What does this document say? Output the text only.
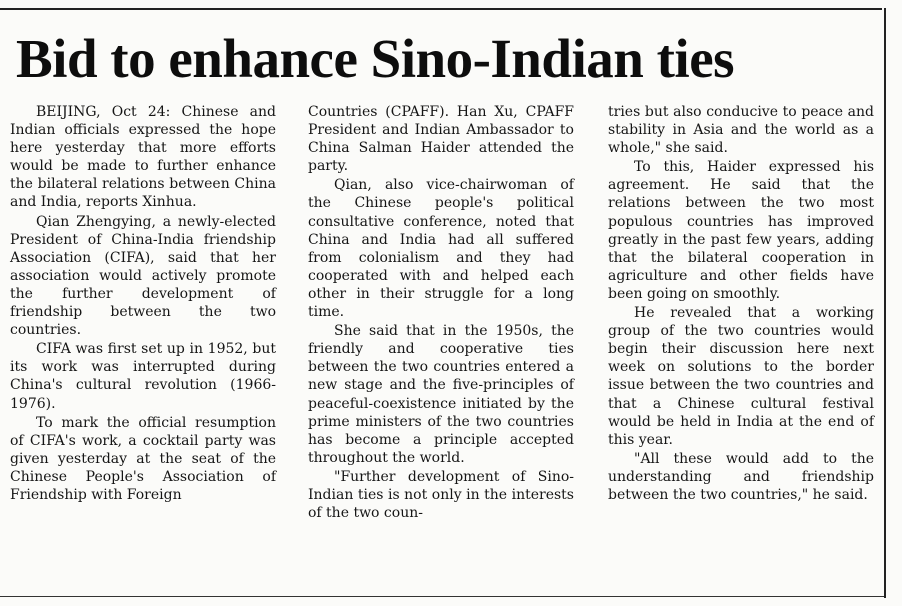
Bid to enhance Sino-Indian ties

BEIJING, Oct 24: Chinese and Indian officials expressed the hope here yesterday that more efforts would be made to further enhance the bilateral relations between China and India, reports Xinhua.

Qian Zhengying, a newly-elected President of China-India friendship Association (CIFA), said that her association would actively promote the further development of friendship between the two countries.

CIFA was first set up in 1952, but its work was interrupted during China's cultural revolution (1966-1976).

To mark the official resumption of CIFA's work, a cocktail party was given yesterday at the seat of the Chinese People's Association of Friendship with Foreign

Countries (CPAFF). Han Xu, CPAFF President and Indian Ambassador to China Salman Haider attended the party.

Qian, also vice-chairwoman of the Chinese people's political consultative conference, noted that China and India had all suffered from colonialism and they had cooperated with and helped each other in their struggle for a long time.

She said that in the 1950s, the friendly and cooperative ties between the two countries entered a new stage and the five-principles of peaceful-coexistence initiated by the prime ministers of the two countries has become a principle accepted throughout the world.

"Further development of Sino-Indian ties is not only in the interests of the two coun-

tries but also conducive to peace and stability in Asia and the world as a whole," she said.

To this, Haider expressed his agreement. He said that the relations between the two most populous countries has improved greatly in the past few years, adding that the bilateral cooperation in agriculture and other fields have been going on smoothly.

He revealed that a working group of the two countries would begin their discussion here next week on solutions to the border issue between the two countries and that a Chinese cultural festival would be held in India at the end of this year.

"All these would add to the understanding and friendship between the two countries," he said.
